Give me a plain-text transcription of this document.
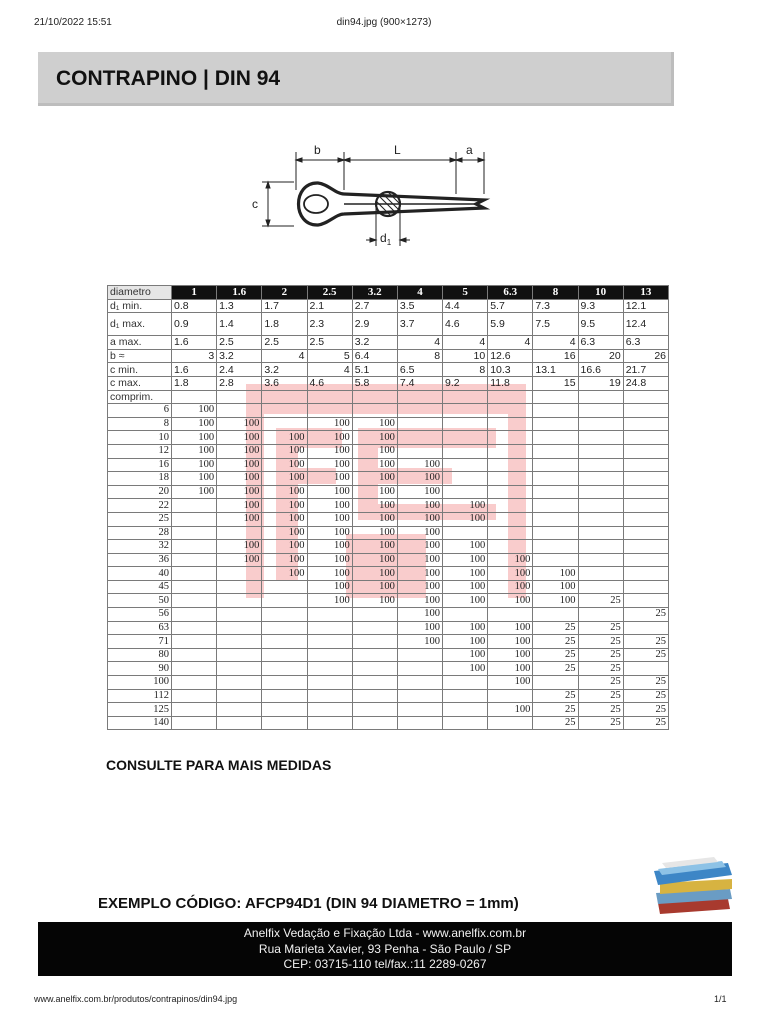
21/10/2022 15:51	din94.jpg (900×1273)
CONTRAPINO | DIN 94
b	L	a
c
$d_1$
diametro	1	1.6	2	2.5	3.2	4	5	6.3	8	10	13
d₁ min.	0.8	1.3	1.7	2.1	2.7	3.5	4.4	5.7	7.3	9.3	12.1
d₁ max.	0.9	1.4	1.8	2.3	2.9	3.7	4.6	5.9	7.5	9.5	12.4
a max.	1.6	2.5	2.5	2.5	3.2	4	4	4	4	6.3	6.3
b ≈	3	3.2	4	5	6.4	8	10	12.6	16	20	26
c min.	1.6	2.4	3.2	4	5.1	6.5	8	10.3	13.1	16.6	21.7
c max.	1.8	2.8	3.6	4.6	5.8	7.4	9.2	11.8	15	19	24.8
comprim.											
6	100										
8	100	100		100	100						
10	100	100	100	100	100						
12	100	100	100	100	100						
16	100	100	100	100	100	100					
18	100	100	100	100	100	100					
20	100	100	100	100	100	100					
22		100	100	100	100	100	100				
25		100	100	100	100	100	100				
28			100	100	100	100					
32		100	100	100	100	100	100				
36		100	100	100	100	100	100	100			
40			100	100	100	100	100	100	100		
45				100	100	100	100	100	100		
50				100	100	100	100	100	100	25	
56						100					25
63						100	100	100	25	25	
71						100	100	100	25	25	25
80							100	100	25	25	25
90							100	100	25	25	
100								100		25	25
112									25	25	25
125								100	25	25	25
140									25	25	25
CONSULTE PARA MAIS MEDIDAS
EXEMPLO CÓDIGO: AFCP94D1 (DIN 94 DIAMETRO = 1mm)
Anelfix Vedação e Fixação Ltda - www.anelfix.com.br
Rua Marieta Xavier, 93 Penha - São Paulo / SP
CEP: 03715-110 tel/fax.:11 2289-0267
www.anelfix.com.br/produtos/contrapinos/din94.jpg	1/1
